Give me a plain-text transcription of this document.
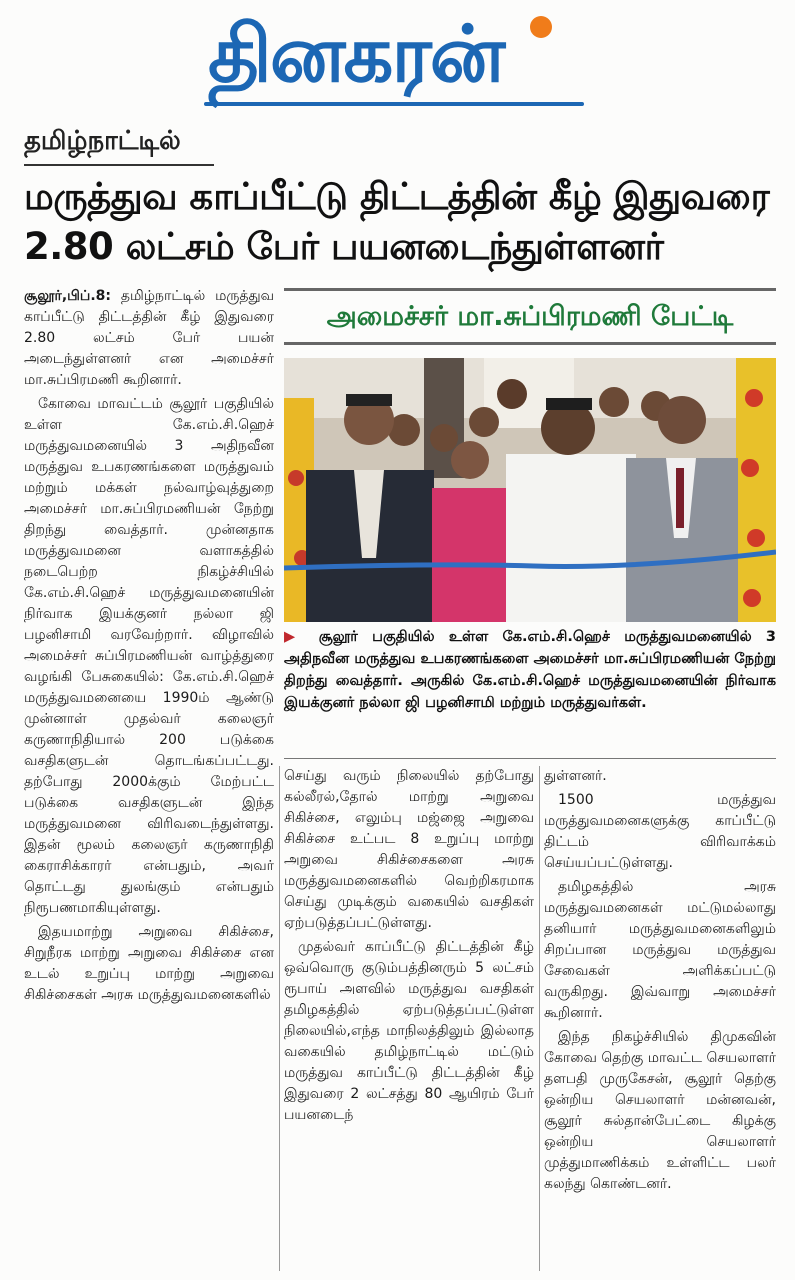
தினகரன்
தமிழ்நாட்டில்
மருத்துவ காப்பீட்டு திட்டத்தின் கீழ் இதுவரை 2.80 லட்சம் பேர் பயனடைந்துள்ளனர்

சூலூர்,பிப்.8: தமிழ்நாட்டில் மருத்துவ காப்பீட்டு திட்டத்தின் கீழ் இதுவரை 2.80 லட்சம் பேர் பயன் அடைந்துள்ளனர் என அமைச்சர் மா.சுப்பிரமணி கூறினார்.

கோவை மாவட்டம் சூலூர் பகுதியில் உள்ள கே.எம்.சி.ஹெச் மருத்துவமனையில் 3 அதிநவீன மருத்துவ உபகரணங்களை மருத்துவம் மற்றும் மக்கள் நல்வாழ்வுத்துறை அமைச்சர் மா.சுப்பிரமணியன் நேற்று திறந்து வைத்தார். முன்னதாக மருத்துவமனை வளாகத்தில் நடைபெற்ற நிகழ்ச்சியில் கே.எம்.சி.ஹெச் மருத்துவமனையின் நிர்வாக இயக்குனர் நல்லா ஜி பழனிசாமி வரவேற்றார். விழாவில் அமைச்சர் சுப்பிரமணியன் வாழ்த்துரை வழங்கி பேசுகையில்: கே.எம்.சி.ஹெச் மருத்துவமனையை 1990ம் ஆண்டு முன்னாள் முதல்வர் கலைஞர் கருணாநிதியால் 200 படுக்கை வசதிகளுடன் தொடங்கப்பட்டது. தற்போது 2000க்கும் மேற்பட்ட படுக்கை வசதிகளுடன் இந்த மருத்துவமனை விரிவடைந்துள்ளது. இதன் மூலம் கலைஞர் கருணாநிதி கைராசிக்காரர் என்பதும், அவர் தொட்டது துலங்கும் என்பதும் நிரூபணமாகியுள்ளது.

இதயமாற்று அறுவை சிகிச்சை, சிறுநீரக மாற்று அறுவை சிகிச்சை என உடல் உறுப்பு மாற்று அறுவை சிகிச்சைகள் அரசு மருத்துவமனைகளில்

அமைச்சர் மா.சுப்பிரமணி பேட்டி
▶ சூலூர் பகுதியில் உள்ள கே.எம்.சி.ஹெச் மருத்துவமனையில் 3 அதிநவீன மருத்துவ உபகரணங்களை அமைச்சர் மா.சுப்பிரமணியன் நேற்று திறந்து வைத்தார். அருகில் கே.எம்.சி.ஹெச் மருத்துவமனையின் நிர்வாக இயக்குனர் நல்லா ஜி பழனிசாமி மற்றும் மருத்துவர்கள்.

செய்து வரும் நிலையில் தற்போது கல்லீரல்,தோல் மாற்று அறுவை சிகிச்சை, எலும்பு மஜ்ஜை அறுவை சிகிச்சை உட்பட 8 உறுப்பு மாற்று அறுவை சிகிச்சைகளை அரசு மருத்துவமனைகளில் வெற்றிகரமாக செய்து முடிக்கும் வகையில் வசதிகள் ஏற்படுத்தப்பட்டுள்ளது.

முதல்வர் காப்பீட்டு திட்டத்தின் கீழ் ஒவ்வொரு குடும்பத்தினரும் 5 லட்சம் ரூபாய் அளவில் மருத்துவ வசதிகள் தமிழகத்தில் ஏற்படுத்தப்பட்டுள்ள நிலையில்,எந்த மாநிலத்திலும் இல்லாத வகையில் தமிழ்நாட்டில் மட்டும் மருத்துவ காப்பீட்டு திட்டத்தின் கீழ் இதுவரை 2 லட்சத்து 80 ஆயிரம் பேர் பயனடைந்

துள்ளனர்.

1500 மருத்துவ மருத்துவமனைகளுக்கு காப்பீட்டு திட்டம் விரிவாக்கம் செய்யப்பட்டுள்ளது.

தமிழகத்தில் அரசு மருத்துவமனைகள் மட்டுமல்லாது தனியார் மருத்துவமனைகளிலும் சிறப்பான மருத்துவ மருத்துவ சேவைகள் அளிக்கப்பட்டு வருகிறது. இவ்வாறு அமைச்சர் கூறினார்.

இந்த நிகழ்ச்சியில் திமுகவின் கோவை தெற்கு மாவட்ட செயலாளர் தளபதி முருகேசன், சூலூர் தெற்கு ஒன்றிய செயலாளர் மன்னவன், சூலூர் சுல்தான்பேட்டை கிழக்கு ஒன்றிய செயலாளர் முத்துமாணிக்கம் உள்ளிட்ட பலர் கலந்து கொண்டனர்.
